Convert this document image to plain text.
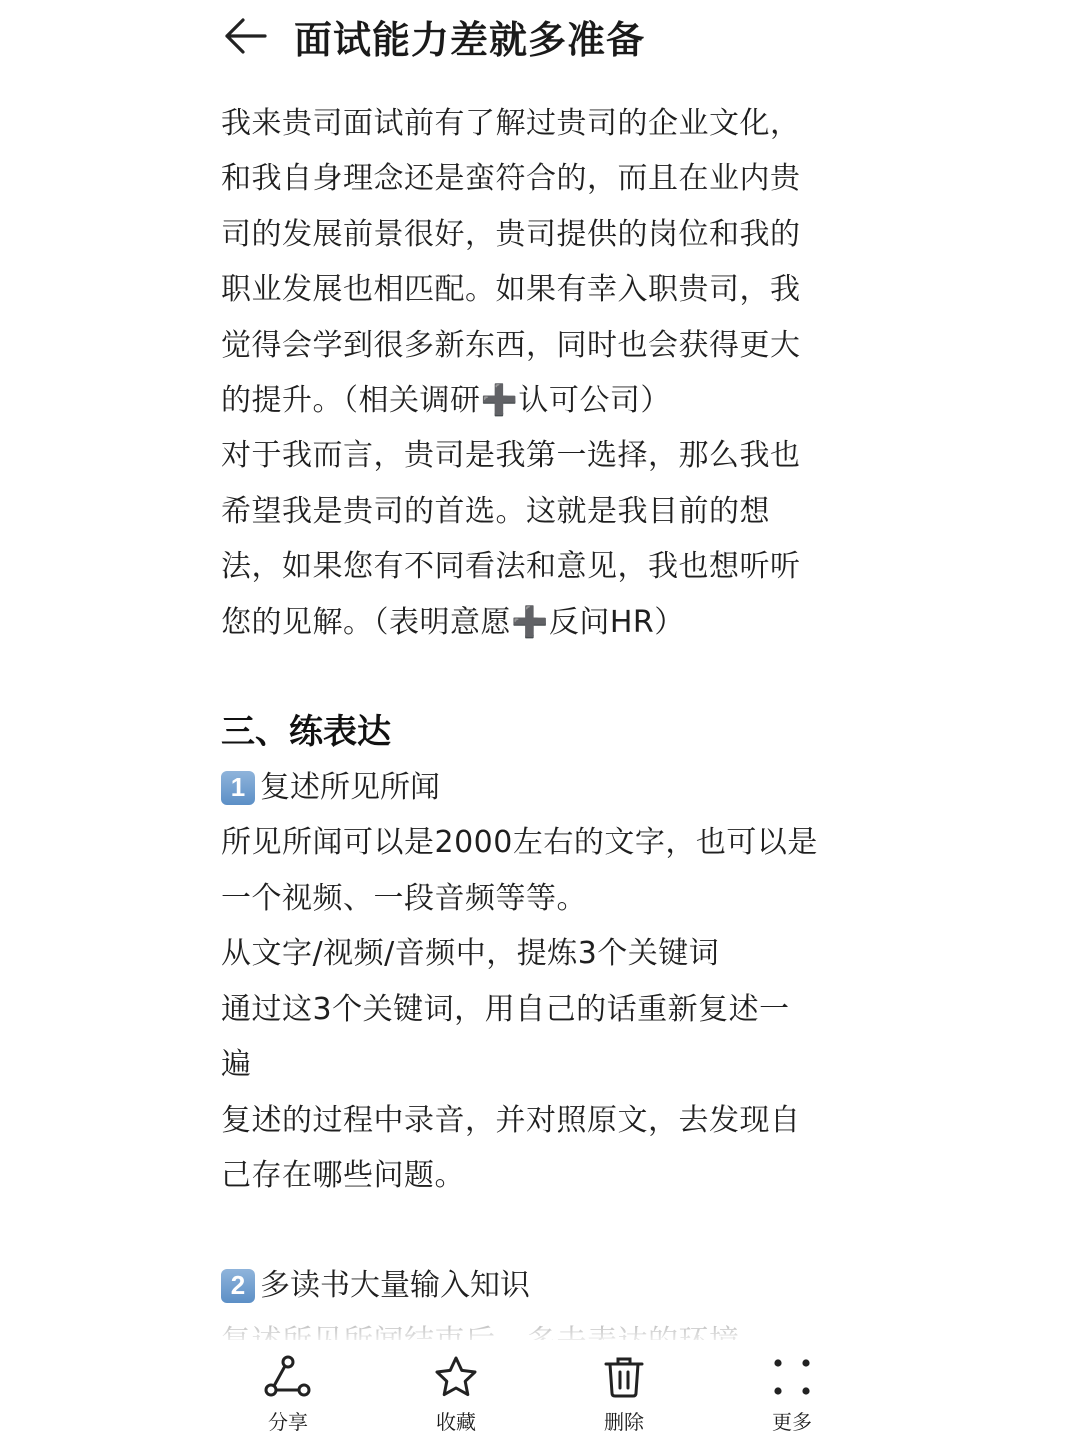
面试能力差就多准备

我来贵司面试前有了解过贵司的企业文化，

和我自身理念还是蛮符合的，而且在业内贵

司的发展前景很好，贵司提供的岗位和我的

职业发展也相匹配。如果有幸入职贵司，我

觉得会学到很多新东西，同时也会获得更大

的提升。（相关调研➕认可公司）

对于我而言，贵司是我第一选择，那么我也

希望我是贵司的首选。这就是我目前的想

法，如果您有不同看法和意见，我也想听听

您的见解。（表明意愿➕反问HR）

三、练表达
1 复述所见所闻

所见所闻可以是2000左右的文字，也可以是

一个视频、一段音频等等。

从文字/视频/音频中，提炼3个关键词

通过这3个关键词，用自己的话重新复述一

遍

复述的过程中录音，并对照原文，去发现自

己存在哪些问题。

2 多读书大量输入知识

分享	收藏	删除	更多
